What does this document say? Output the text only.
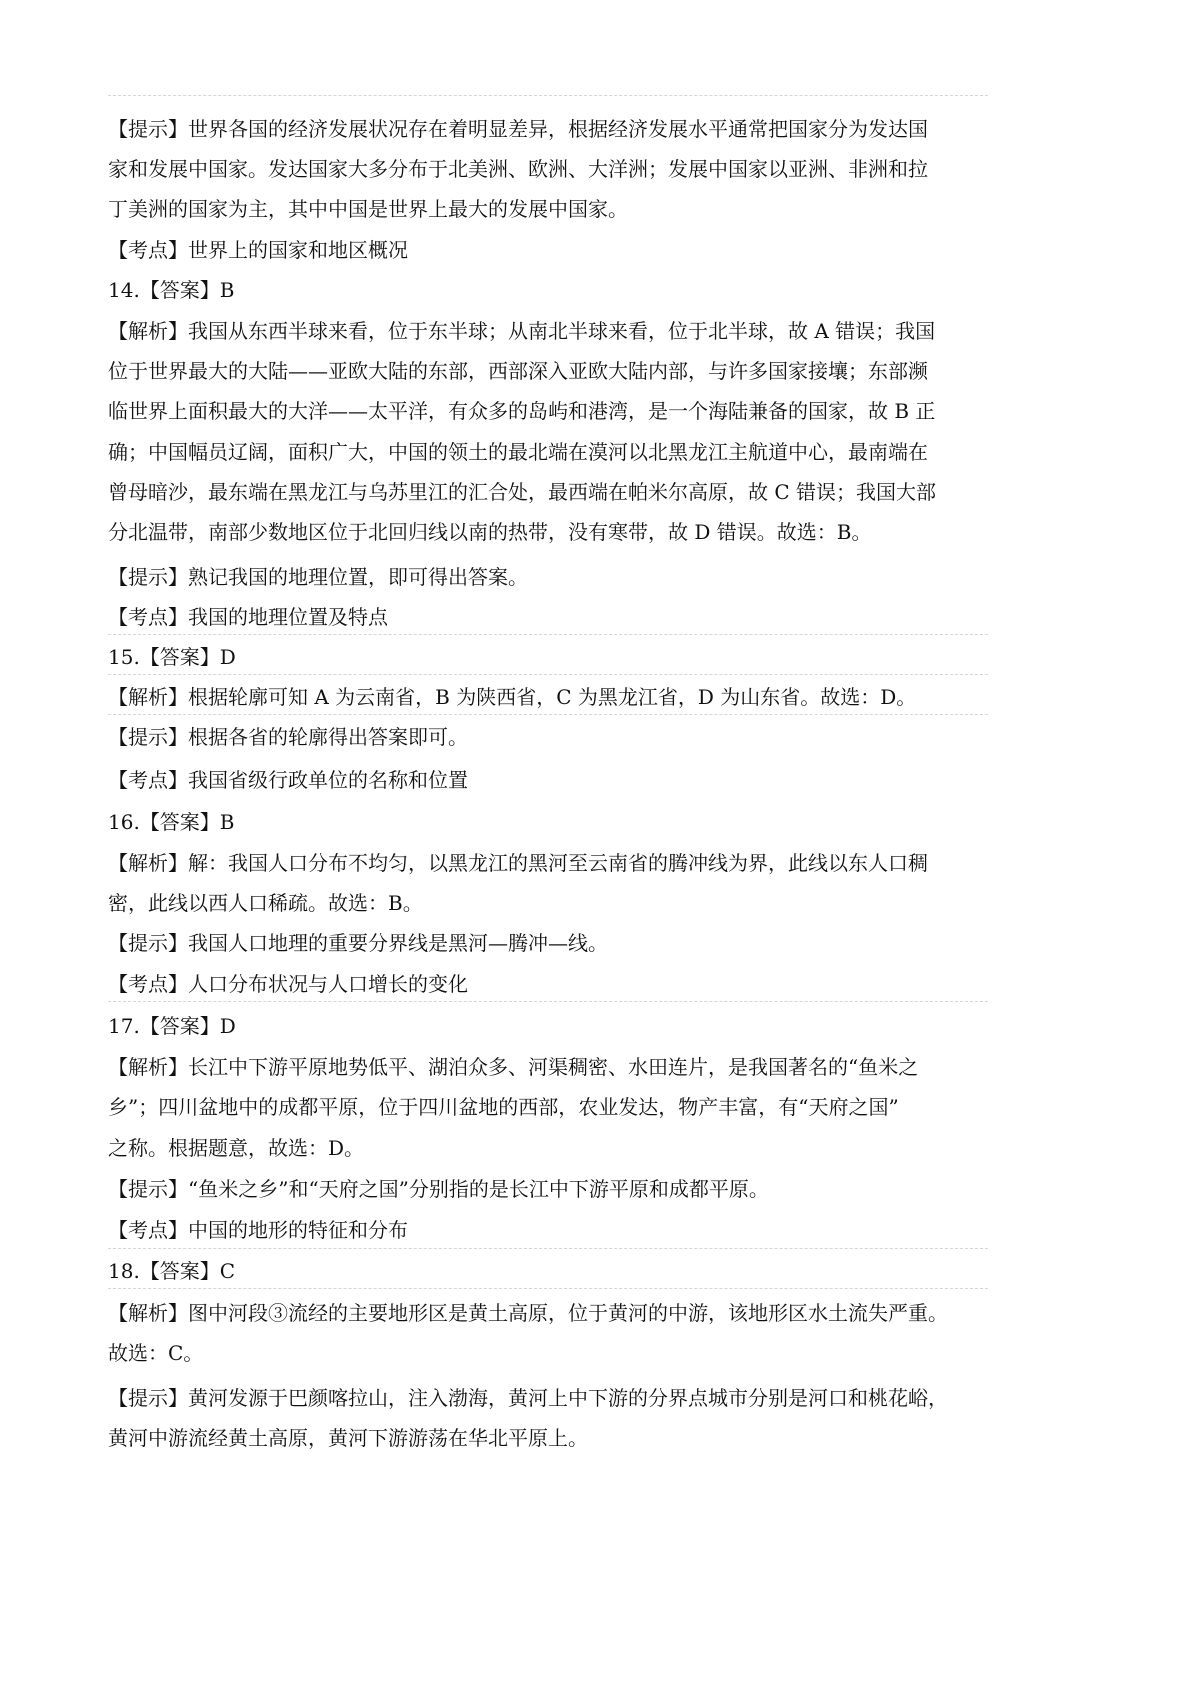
【提示】世界各国的经济发展状况存在着明显差异，根据经济发展水平通常把国家分为发达国
家和发展中国家。发达国家大多分布于北美洲、欧洲、大洋洲；发展中国家以亚洲、非洲和拉
丁美洲的国家为主，其中中国是世界上最大的发展中国家。
【考点】世界上的国家和地区概况
14.【答案】B
【解析】我国从东西半球来看，位于东半球；从南北半球来看，位于北半球，故 A 错误；我国
位于世界最大的大陆——亚欧大陆的东部，西部深入亚欧大陆内部，与许多国家接壤；东部濒
临世界上面积最大的大洋——太平洋，有众多的岛屿和港湾，是一个海陆兼备的国家，故 B 正
确；中国幅员辽阔，面积广大，中国的领土的最北端在漠河以北黑龙江主航道中心，最南端在
曾母暗沙，最东端在黑龙江与乌苏里江的汇合处，最西端在帕米尔高原，故 C 错误；我国大部
分北温带，南部少数地区位于北回归线以南的热带，没有寒带，故 D 错误。故选：B。
【提示】熟记我国的地理位置，即可得出答案。
【考点】我国的地理位置及特点
15.【答案】D
【解析】根据轮廓可知 A 为云南省，B 为陕西省，C 为黑龙江省，D 为山东省。故选：D。
【提示】根据各省的轮廓得出答案即可。
【考点】我国省级行政单位的名称和位置
16.【答案】B
【解析】解：我国人口分布不均匀，以黑龙江的黑河至云南省的腾冲线为界，此线以东人口稠
密，此线以西人口稀疏。故选：B。
【提示】我国人口地理的重要分界线是黑河—腾冲—线。
【考点】人口分布状况与人口增长的变化
17.【答案】D
【解析】长江中下游平原地势低平、湖泊众多、河渠稠密、水田连片，是我国著名的“鱼米之
乡”；四川盆地中的成都平原，位于四川盆地的西部，农业发达，物产丰富，有“天府之国”
之称。根据题意，故选：D。
【提示】“鱼米之乡”和“天府之国”分别指的是长江中下游平原和成都平原。
【考点】中国的地形的特征和分布
18.【答案】C
【解析】图中河段③流经的主要地形区是黄土高原，位于黄河的中游，该地形区水土流失严重。
故选：C。
【提示】黄河发源于巴颜喀拉山，注入渤海，黄河上中下游的分界点城市分别是河口和桃花峪，
黄河中游流经黄土高原，黄河下游游荡在华北平原上。
